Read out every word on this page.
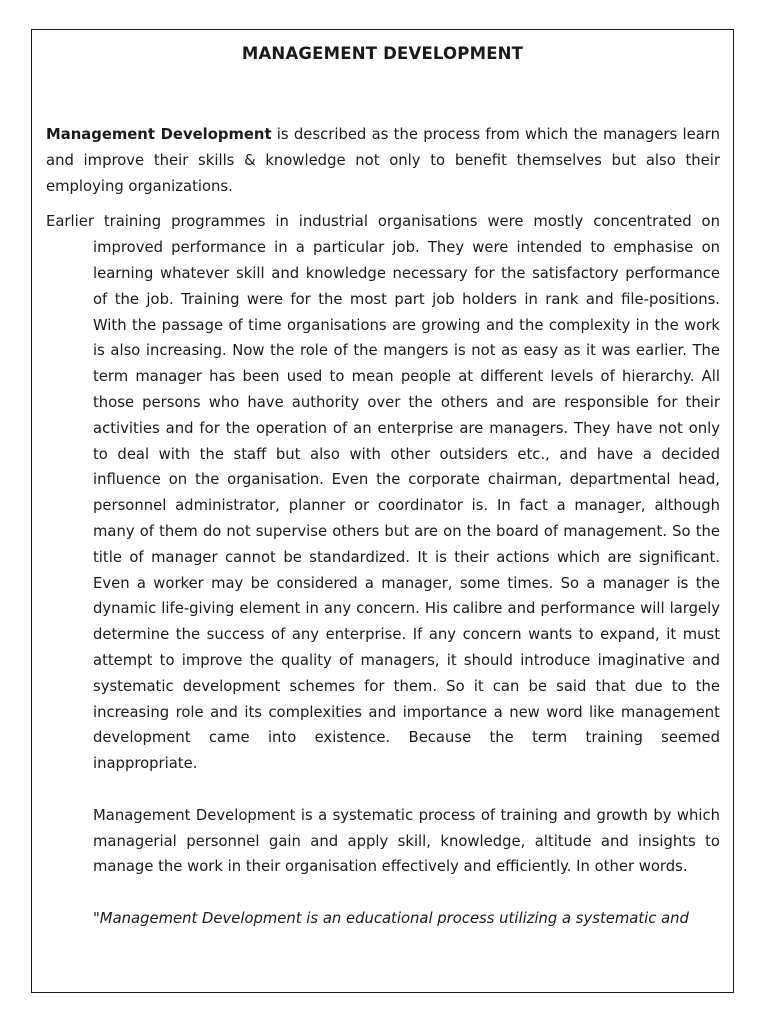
MANAGEMENT DEVELOPMENT

Management Development is described as the process from which the managers learn and improve their skills & knowledge not only to benefit themselves but also their employing organizations.

Earlier training programmes in industrial organisations were mostly concentrated on improved performance in a particular job. They were intended to emphasise on learning whatever skill and knowledge necessary for the satisfactory performance of the job. Training were for the most part job holders in rank and file-positions. With the passage of time organisations are growing and the complexity in the work is also increasing. Now the role of the mangers is not as easy as it was earlier. The term manager has been used to mean people at different levels of hierarchy. All those persons who have authority over the others and are responsible for their activities and for the operation of an enterprise are managers. They have not only to deal with the staff but also with other outsiders etc., and have a decided influence on the organisation. Even the corporate chairman, departmental head, personnel administrator, planner or coordinator is. In fact a manager, although many of them do not supervise others but are on the board of management. So the title of manager cannot be standardized. It is their actions which are significant. Even a worker may be considered a manager, some times. So a manager is the dynamic life-giving element in any concern. His calibre and performance will largely determine the success of any enterprise. If any concern wants to expand, it must attempt to improve the quality of managers, it should introduce imaginative and systematic development schemes for them. So it can be said that due to the increasing role and its complexities and importance a new word like management development came into existence. Because the term training seemed inappropriate.

Management Development is a systematic process of training and growth by which managerial personnel gain and apply skill, knowledge, altitude and insights to manage the work in their organisation effectively and efficiently. In other words.

"Management Development is an educational process utilizing a systematic and
